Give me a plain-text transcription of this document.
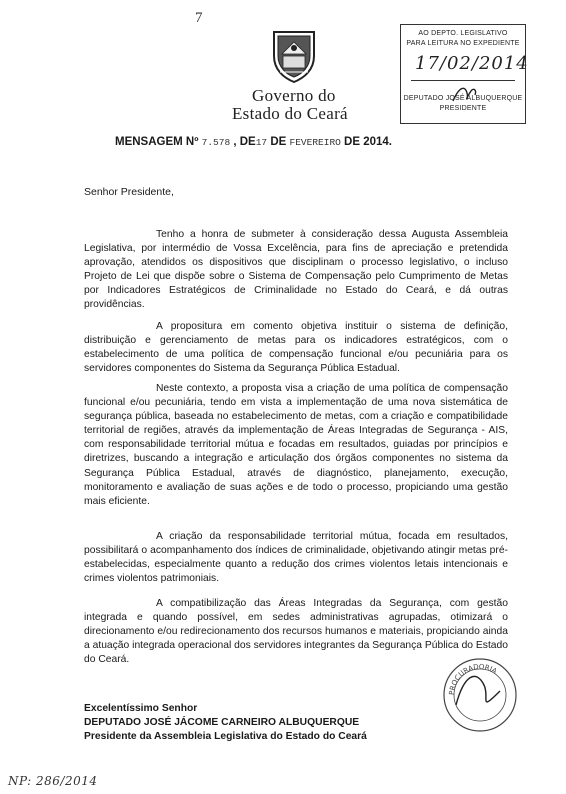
7
Governo do
Estado do Ceará
AO DEPTO. LEGISLATIVO
PARA LEITURA NO EXPEDIENTE
17/02/2014
DEPUTADO JOSÉ ALBUQUERQUE
PRESIDENTE
MENSAGEM Nº 7.578 , DE17 DE FEVEREIRO DE 2014.
Senhor Presidente,
Tenho a honra de submeter à consideração dessa Augusta Assembleia Legislativa, por intermédio de Vossa Excelência, para fins de apreciação e pretendida aprovação, atendidos os dispositivos que disciplinam o processo legislativo, o incluso Projeto de Lei que dispõe sobre o Sistema de Compensação pelo Cumprimento de Metas por Indicadores Estratégicos de Criminalidade no Estado do Ceará, e dá outras providências.
A propositura em comento objetiva instituir o sistema de definição, distribuição e gerenciamento de metas para os indicadores estratégicos, com o estabelecimento de uma política de compensação funcional e/ou pecuniária para os servidores componentes do Sistema da Segurança Pública Estadual.
Neste contexto, a proposta visa a criação de uma política de compensação funcional e/ou pecuniária, tendo em vista a implementação de uma nova sistemática de segurança pública, baseada no estabelecimento de metas, com a criação e compatibilidade territorial de regiões, através da implementação de Áreas Integradas de Segurança - AIS, com responsabilidade territorial mútua e focadas em resultados, guiadas por princípios e diretrizes, buscando a integração e articulação dos órgãos componentes no sistema da Segurança Pública Estadual, através de diagnóstico, planejamento, execução, monitoramento e avaliação de suas ações e de todo o processo, propiciando uma gestão mais eficiente.
A criação da responsabilidade territorial mútua, focada em resultados, possibilitará o acompanhamento dos índices de criminalidade, objetivando atingir metas pré-estabelecidas, especialmente quanto a redução dos crimes violentos letais intencionais e crimes violentos patrimoniais.
A compatibilização das Áreas Integradas da Segurança, com gestão integrada e quando possível, em sedes administrativas agrupadas, otimizará o direcionamento e/ou redirecionamento dos recursos humanos e materiais, propiciando ainda a atuação integrada operacional dos servidores integrantes da Segurança Pública do Estado do Ceará.
Excelentíssimo Senhor
DEPUTADO JOSÉ JÁCOME CARNEIRO ALBUQUERQUE
Presidente da Assembleia Legislativa do Estado do Ceará
PROCURADORIA
NP: 286/2014
